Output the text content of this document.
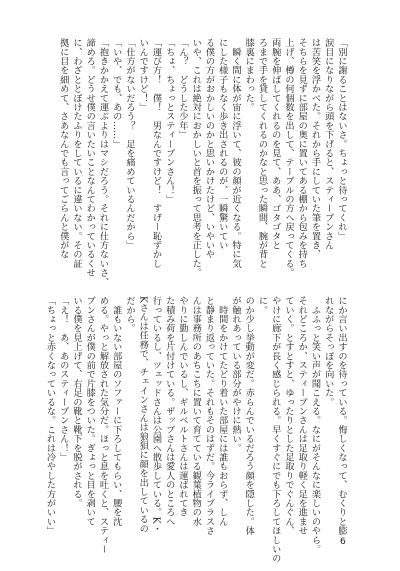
「別に謝ることはないさ。ちょっと待ってくれ」
涙目になりながら頭を下げると、スティーブンさん
は苦笑を浮かべた。それから手にしていた筆を置き、
そちらを見ずに部屋の奥に置いてある棚から包みを持ち
上げ、樽の何個数を出して、テーブルの方へ戻ってくる。
両腕を伸ばしてくれるのを見て、ああ、ゴタゴタと
ろまで手を貸してくれるのかなと思った瞬間、腕が背と
膝裏にまわった。
　瞬く間に体が宙に浮いて、彼の顔が近くなる。特に気
にした様子もなく歩き出されるのが、一瞬驚いてい
る僕の方がおかしいのかと思いかけたけど、いやいや
いや、これは絶対におかしいと首を振って思考を正した。
「ん？　どうした少年」
「ちょ、ちょっとスティーブンさん！」
「運び方！　僕！　男なんですけど！　すげー恥ずかし
いんですけど！」
「仕方がないだろう？　足を痛めているんだから」
「いや、でも、あの……」
「抱きかかえて運ぶよりはマシだろう。それに仕方ないさ、
諦めろ。どうせ僕の言いたいことなんてわかっているくせ
に、わざととぼけたふりをしているに違いない。その証
拠に目を細めて、さあなんでも言ってごらんと僕がな
にか言い出すのを待っている。悔しくなって、むくりと膨
れながらそっぽを向いた。
　ふふっと笑い声が聞こえる。なにがそんなに楽しいのやら。
それどころか、スティーブンさんは足取り軽く足を進ませ
ていく。とすとすと、ゆったりとした足取りでぐんぐん、
やけに廊下が長く感じられる。早くすぐにでも下ろしてほしいの
に。
のか少し挙動が変だ。赤らんでいるだろう顔を隠した。体
が触れあっている部分がやけに熱い。
　時間をかけてたどり着いた部屋には誰もおらず、しん
と静まり返っていた。それもそのはずだ。今ライブラスさ
んは事務所のあちこちに置いて育てている観葉植物の水
やりに勤しんでいるし、ギルベルトさんは運ばれてき
た積み荷を片付けている。ザップさんは愛人のところへ
行っているし、ツェッドさんは公園へ散歩している。K・
Kさんは任務で、チェインさんは狼狽に顔を出しているの
だから。
　誰もいない部屋のソファーに下ろしてもらい、腰を沈
める。やっと解放された気分だ。ほっと息を吐くと、スティー
ブンさんが僕の前で片膝をついた。ぎょっと目を剥いて
いる僕を見上げて、右足の靴と靴下を脱がされる。
「え！　あ、あのスティーブンさん！」
「ちょっと赤くなっているな。これは冷やした方がいい」
6
